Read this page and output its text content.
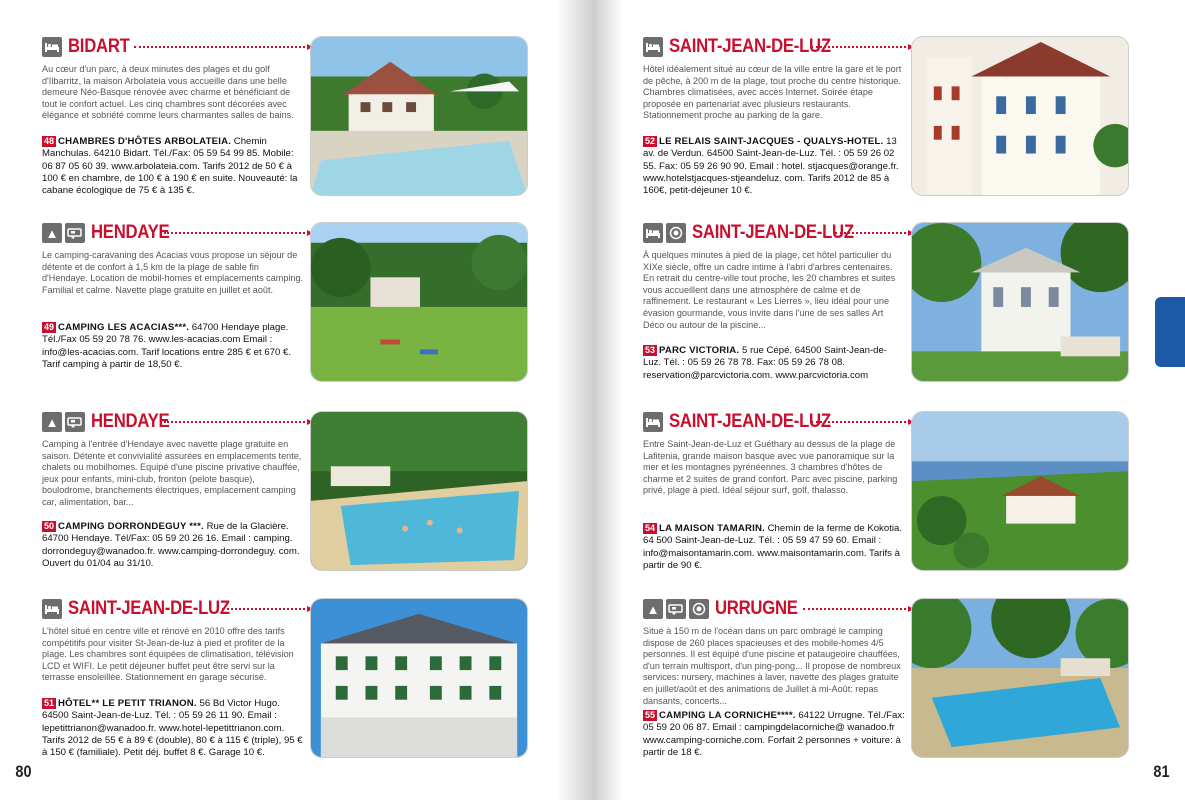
BIDART
Au cœur d'un parc, à deux minutes des plages et du golf d'Ilbarritz, la maison Arbolateia vous accueille dans une belle demeure Néo-Basque rénovée avec charme et bénéficiant de tout le confort actuel. Les cinq chambres sont décorées avec élégance et sobriété comme leurs charmantes salles de bains.
48 CHAMBRES D'HÔTES ARBOLATEIA. Chemin Manchulas. 64210 Bidart. Tél./Fax: 05 59 54 99 85. Mobile: 06 87 05 60 39. www.arbolateia.com. Tarifs 2012 de 50 € à 100 € en chambre, de 100 € à 190 € en suite. Nouveauté: la cabane écologique de 75 € à 135 €.
▲ HENDAYE
Le camping-caravaning des Acacias vous propose un séjour de détente et de confort à 1,5 km de la plage de sable fin d'Hendaye. Location de mobil-homes et emplacements camping. Familial et calme. Navette plage gratuite en juillet et août.
49 CAMPING LES ACACIAS***. 64700 Hendaye plage. Tél./Fax 05 59 20 78 76. www.les-acacias.com Email : info@les-acacias.com. Tarif locations entre 285 € et 670 €. Tarif camping à partir de 18,50 €.
▲ HENDAYE
Camping à l'entrée d'Hendaye avec navette plage gratuite en saison. Détente et convivialité assurées en emplacements tente, chalets ou mobilhomes. Equipé d'une piscine privative chauffée, jeux pour enfants, mini-club, fronton (pelote basque), boulodrome, branchements électriques, emplacement camping car, alimentation, bar...
50 CAMPING DORRONDEGUY ***. Rue de la Glacière. 64700 Hendaye. Tél/Fax: 05 59 20 26 16. Email : camping. dorrondeguy@wanadoo.fr. www.camping-dorrondeguy. com. Ouvert du 01/04 au 31/10.
SAINT-JEAN-DE-LUZ
L'hôtel situé en centre ville et rénové en 2010 offre des tarifs compétitifs pour visiter St-Jean-de-luz à pied et profiter de la plage. Les chambres sont équipées de climatisation, télévision LCD et WIFI. Le petit déjeuner buffet peut être servi sur la terrasse ensoleillée. Stationnement en garage sécurisé.
51 HÔTEL** LE PETIT TRIANON. 56 Bd Victor Hugo. 64500 Saint-Jean-de-Luz. Tél. : 05 59 26 11 90. Email : lepetittrianon@wanadoo.fr. www.hotel-lepetittrianon.com. Tarifs 2012 de 55 € à 89 € (double), 80 € à 115 € (triple), 95 € à 150 € (familiale). Petit déj. buffet 8 €. Garage 10 €.
80
SAINT-JEAN-DE-LUZ
Hôtel idéalement situé au cœur de la ville entre la gare et le port de pêche, à 200 m de la plage, tout proche du centre historique. Chambres climatisées, avec accès Internet. Soirée étape proposée en partenariat avec plusieurs restaurants. Stationnement proche au parking de la gare.
52 LE RELAIS SAINT-JACQUES - QUALYS-HOTEL. 13 av. de Verdun. 64500 Saint-Jean-de-Luz. Tél. : 05 59 26 02 55. Fax: 05 59 26 90 90. Email : hotel. stjacques@orange.fr. www.hotelstjacques-stjeandeluz. com. Tarifs 2012 de 85 à 160€, petit-déjeuner 10 €.
SAINT-JEAN-DE-LUZ
À quelques minutes à pied de la plage, cet hôtel particulier du XIXe siècle, offre un cadre intime à l'abri d'arbres centenaires. En retrait du centre-ville tout proche, les 20 chambres et suites vous accueillent dans une atmosphère de calme et de raffinement. Le restaurant « Les Lierres », lieu idéal pour une évasion gourmande, vous invite dans l'une de ses salles Art Déco ou autour de la piscine...
53 PARC VICTORIA. 5 rue Cépé. 64500 Saint-Jean-de-Luz. Tél. : 05 59 26 78 78. Fax: 05 59 26 78 08. reservation@parcvictoria.com. www.parcvictoria.com
SAINT-JEAN-DE-LUZ
Entre Saint-Jean-de-Luz et Guéthary au dessus de la plage de Lafitenia, grande maison basque avec vue panoramique sur la mer et les montagnes pyrénéennes. 3 chambres d'hôtes de charme et 2 suites de grand confort. Parc avec piscine, parking privé, plage à pied. Idéal séjour surf, golf, thalasso.
54 LA MAISON TAMARIN. Chemin de la ferme de Kokotia. 64 500 Saint-Jean-de-Luz. Tél. : 05 59 47 59 60. Email : info@maisontamarin.com. www.maisontamarin.com. Tarifs à partir de 90 €.
▲	URRUGNE
Situé à 150 m de l'océan dans un parc ombragé le camping dispose de 260 places spacieuses et des mobile-homes 4/5 personnes. Il est équipé d'une piscine et pataugeoire chauffées, d'un terrain multisport, d'un ping-pong... Il propose de nombreux services: nursery, machines à laver, navette des plages gratuite en juillet/août et des animations de Juillet à mi-Août: repas dansants, concerts...
55 CAMPING LA CORNICHE****. 64122 Urrugne. Tél./Fax: 05 59 20 06 87. Email : campingdelacorniche@ wanadoo.fr www.camping-corniche.com. Forfait 2 personnes + voiture: à partir de 18 €.
81
